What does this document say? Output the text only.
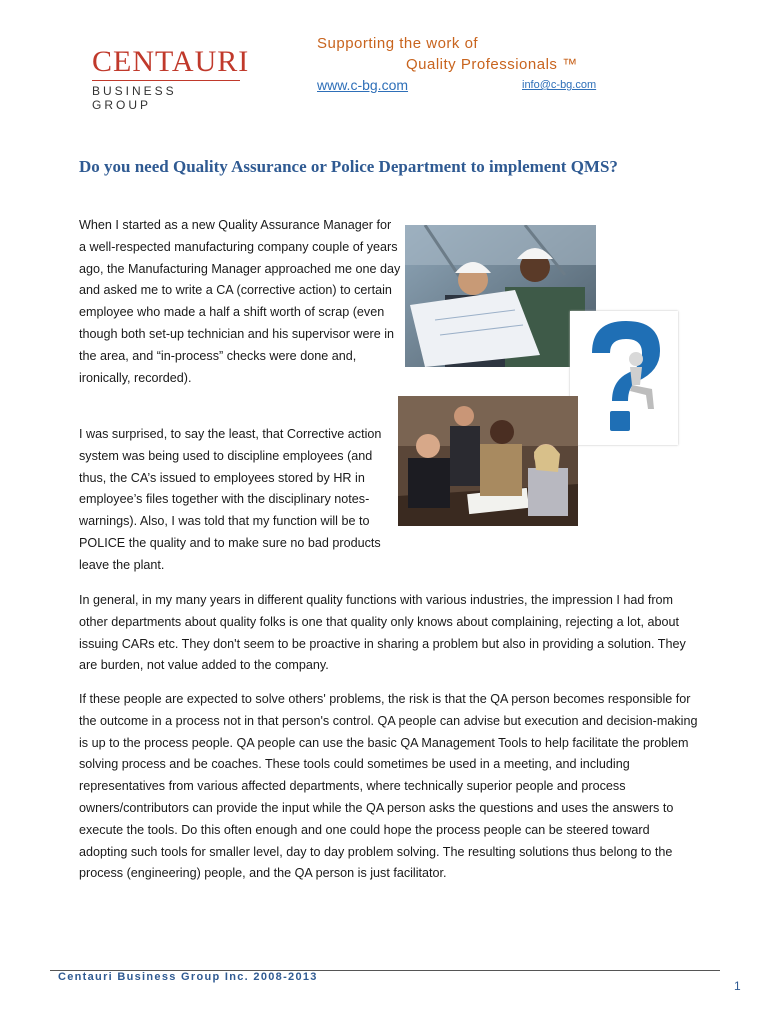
CENTAURI
BUSINESS GROUP
Supporting the work of
Quality Professionals ™
www.c-bg.com	info@c-bg.com
Do you need Quality Assurance or Police Department to implement QMS?

When I started as a new Quality Assurance Manager for a well-respected manufacturing company couple of years ago, the Manufacturing Manager approached me one day and asked me to write a CA (corrective action) to certain employee who made a half a shift worth of scrap (even though both set-up technician and his supervisor were in the area, and “in-process” checks were done and, ironically, recorded).

I was surprised, to say the least, that Corrective action system was being used to discipline employees (and thus, the CA’s issued to employees stored by HR in employee’s files together with the disciplinary notes- warnings). Also, I was told that my function will be to POLICE the quality and to make sure no bad products leave the plant.

In general, in my many years in different quality functions with various industries, the impression I had from other departments about quality folks is one that quality only knows about complaining, rejecting a lot, about issuing CARs etc. They don't seem to be proactive in sharing a problem but also in providing a solution. They are burden, not value added to the company.

If these people are expected to solve others' problems, the risk is that the QA person becomes responsible for the outcome in a process not in that person's control. QA people can advise but execution and decision-making is up to the process people. QA people can use the basic QA Management Tools to help facilitate the problem solving process and be coaches. These tools could sometimes be used in a meeting, and including representatives from various affected departments, where technically superior people and process owners/contributors can provide the input while the QA person asks the questions and uses the answers to execute the tools. Do this often enough and one could hope the process people can be steered toward adopting such tools for smaller level, day to day problem solving. The resulting solutions thus belong to the process (engineering) people, and the QA person is just facilitator.

Centauri Business Group Inc. 2008-2013
1
